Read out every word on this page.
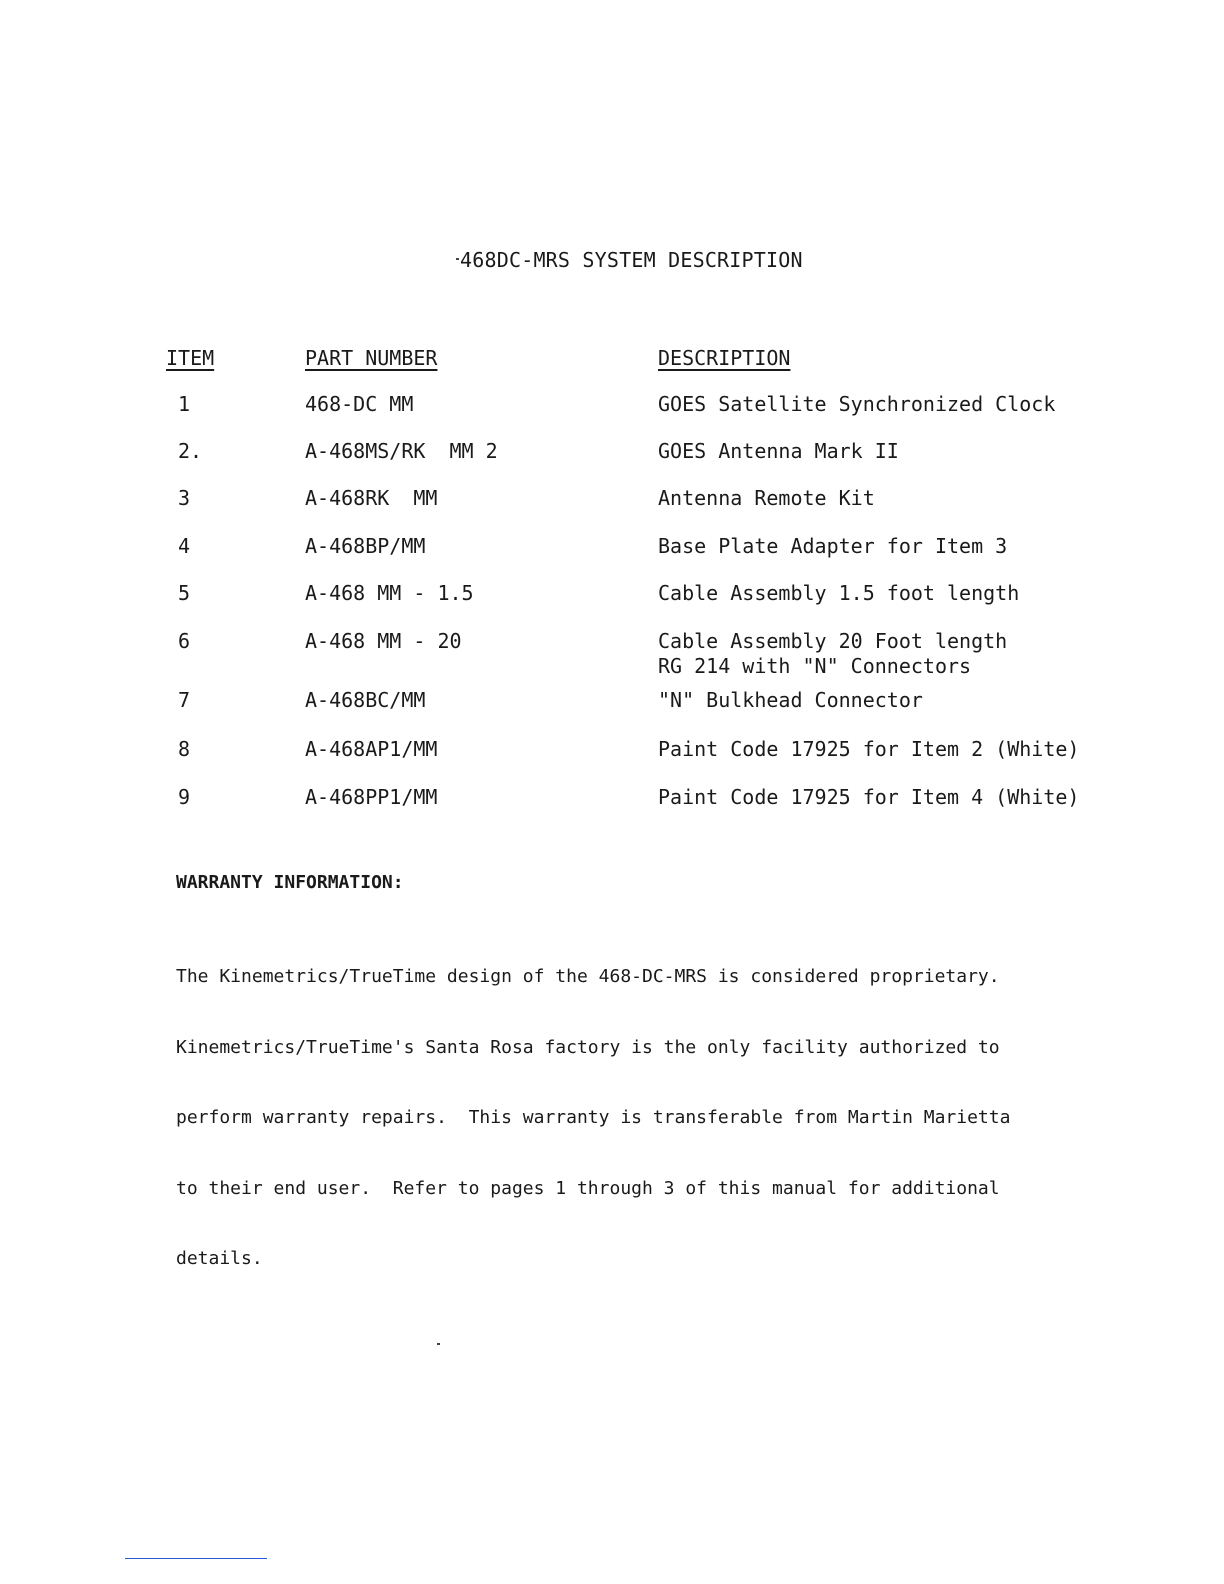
468DC-MRS SYSTEM DESCRIPTION
ITEM	PART NUMBER	DESCRIPTION
1	468-DC MM	GOES Satellite Synchronized Clock
2.	A-468MS/RK  MM 2	GOES Antenna Mark II
3	A-468RK  MM	Antenna Remote Kit
4	A-468BP/MM	Base Plate Adapter for Item 3
5	A-468 MM - 1.5	Cable Assembly 1.5 foot length
6	A-468 MM - 20	Cable Assembly 20 Foot length
RG 214 with "N" Connectors
7	A-468BC/MM	"N" Bulkhead Connector
8	A-468AP1/MM	Paint Code 17925 for Item 2 (White)
9	A-468PP1/MM	Paint Code 17925 for Item 4 (White)
WARRANTY INFORMATION:

The Kinemetrics/TrueTime design of the 468-DC-MRS is considered proprietary.

Kinemetrics/TrueTime's Santa Rosa factory is the only facility authorized to

perform warranty repairs.  This warranty is transferable from Martin Marietta

to their end user.  Refer to pages 1 through 3 of this manual for additional

details.
